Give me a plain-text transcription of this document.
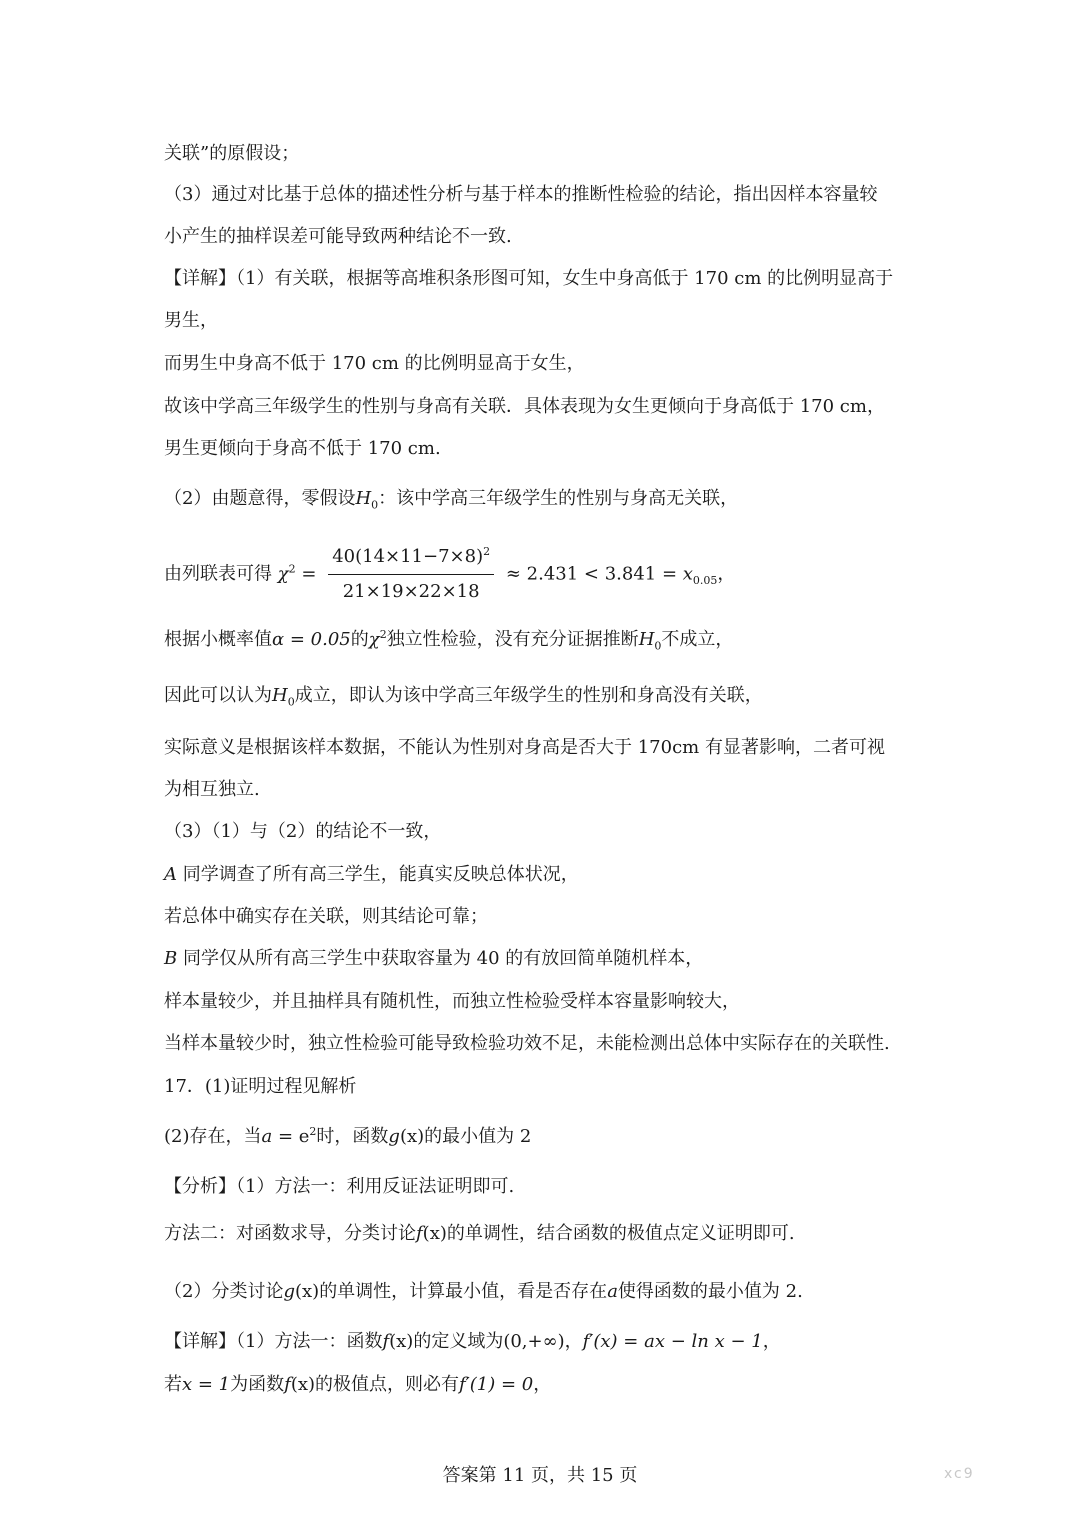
关联”的原假设；
（3）通过对比基于总体的描述性分析与基于样本的推断性检验的结论，指出因样本容量较
小产生的抽样误差可能导致两种结论不一致.
【详解】（1）有关联，根据等高堆积条形图可知，女生中身高低于 170 cm 的比例明显高于
男生，
而男生中身高不低于 170 cm 的比例明显高于女生，
故该中学高三年级学生的性别与身高有关联．具体表现为女生更倾向于身高低于 170 cm，
男生更倾向于身高不低于 170 cm.
（2）由题意得，零假设$H_0$：该中学高三年级学生的性别与身高无关联，
由列联表可得 $\chi^2 = \frac{40(14\times 11-7\times 8)^2}{21\times 19\times 22\times 18} \approx 2.431 < 3.841 = x_{0.05}$，
根据小概率值α = 0.05的$\chi^2$独立性检验，没有充分证据推断$H_0$不成立，
因此可以认为$H_0$成立，即认为该中学高三年级学生的性别和身高没有关联，
实际意义是根据该样本数据，不能认为性别对身高是否大于 170cm 有显著影响，二者可视
为相互独立.
（3）（1）与（2）的结论不一致，
A 同学调查了所有高三学生，能真实反映总体状况，
若总体中确实存在关联，则其结论可靠；
B 同学仅从所有高三学生中获取容量为 40 的有放回简单随机样本，
样本量较少，并且抽样具有随机性，而独立性检验受样本容量影响较大，
当样本量较少时，独立性检验可能导致检验功效不足，未能检测出总体中实际存在的关联性.
17．(1)证明过程见解析
(2)存在，当$a = e^2$时，函数g(x)的最小值为 2
【分析】（1）方法一：利用反证法证明即可.
方法二：对函数求导，分类讨论f(x)的单调性，结合函数的极值点定义证明即可.
（2）分类讨论g(x)的单调性，计算最小值，看是否存在a使得函数的最小值为 2.
【详解】（1）方法一：函数f(x)的定义域为(0,+∞)，f′(x) = ax − ln x − 1，
若x = 1为函数f(x)的极值点，则必有f′(1) = 0，
答案第 11 页，共 15 页	xc9
